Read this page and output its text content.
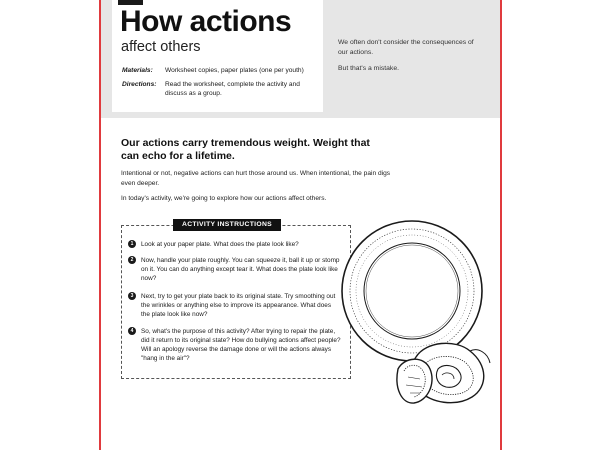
How actions

affect others

Materials:	Worksheet copies, paper plates (one per youth)
Directions:	Read the worksheet, complete the activity and discuss as a group.

We often don't consider the consequences of our actions.

But that's a mistake.

Our actions carry tremendous weight. Weight that can echo for a lifetime.

Intentional or not, negative actions can hurt those around us. When intentional, the pain digs even deeper.

In today's activity, we're going to explore how our actions affect others.

ACTIVITY INSTRUCTIONS
1	Look at your paper plate. What does the plate look like?
2	Now, handle your plate roughly. You can squeeze it, ball it up or stomp on it. You can do anything except tear it. What does the plate look like now?
3	Next, try to get your plate back to its original state. Try smoothing out the wrinkles or anything else to improve its appearance. What does the plate look like now?
4	So, what's the purpose of this activity? After trying to repair the plate, did it return to its original state? How do bullying actions affect people? Will an apology reverse the damage done or will the actions always "hang in the air"?
